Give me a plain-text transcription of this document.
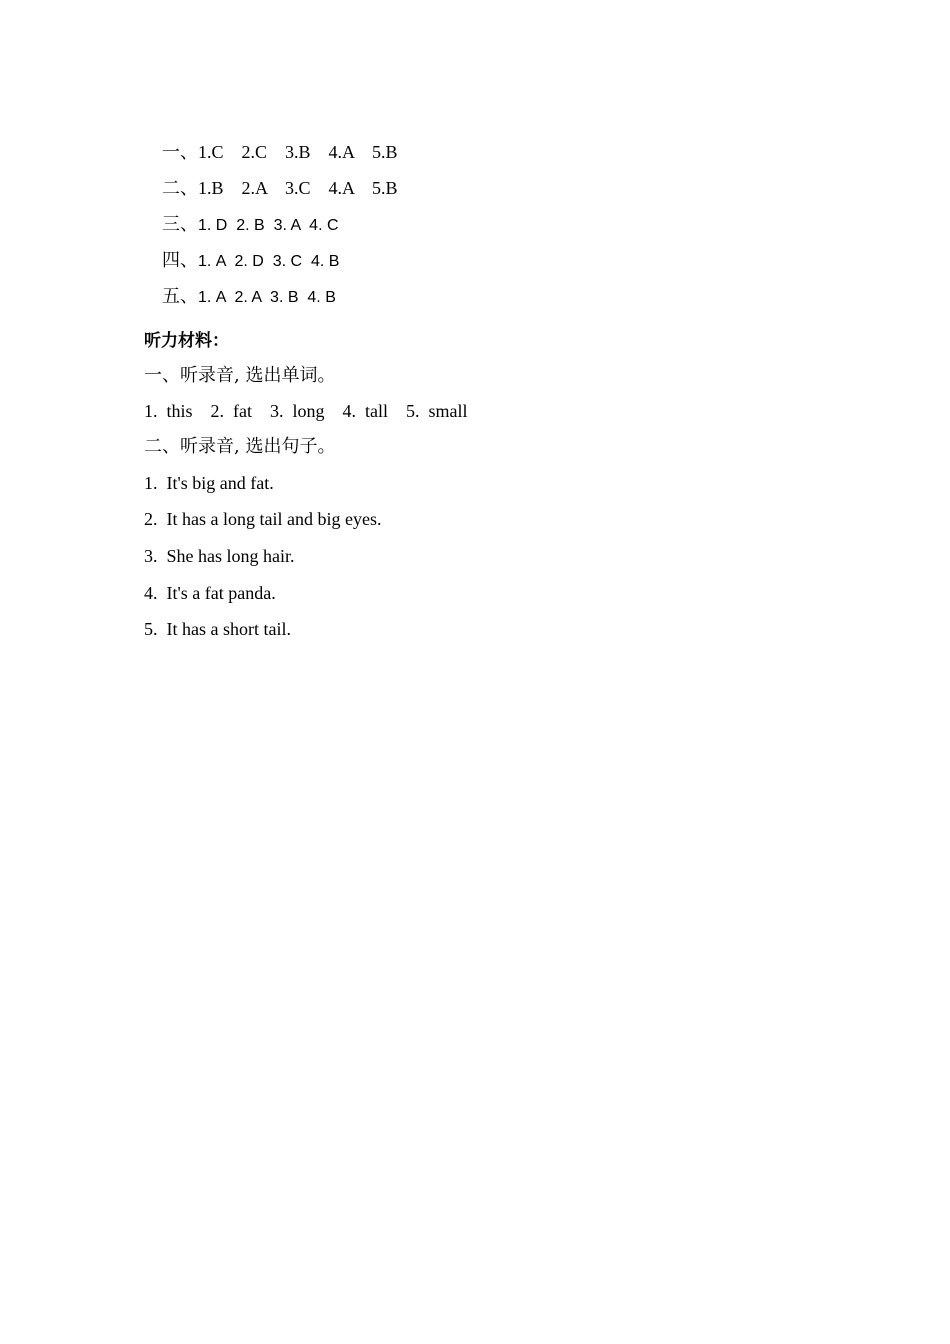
一、1.C    2.C    3.B    4.A    5.B

二、1.B    2.A    3.C    4.A    5.B

三、1. D  2. B  3. A  4. C

四、1. A  2. D  3. C  4. B

五、1. A  2. A  3. B  4. B

听力材料：
一、听录音, 选出单词。
1.  this    2.  fat    3.  long    4.  tall    5.  small
二、听录音, 选出句子。
1.  It's big and fat.
2.  It has a long tail and big eyes.
3.  She has long hair.
4.  It's a fat panda.
5.  It has a short tail.
